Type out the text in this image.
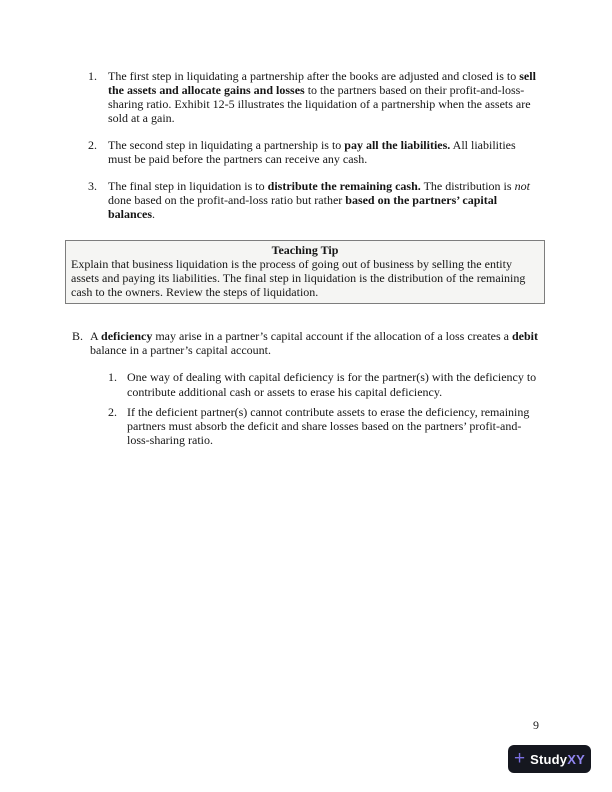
1. The first step in liquidating a partnership after the books are adjusted and closed is to sell the assets and allocate gains and losses to the partners based on their profit-and-loss-sharing ratio. Exhibit 12-5 illustrates the liquidation of a partnership when the assets are sold at a gain.
2. The second step in liquidating a partnership is to pay all the liabilities. All liabilities must be paid before the partners can receive any cash.
3. The final step in liquidation is to distribute the remaining cash. The distribution is not done based on the profit-and-loss ratio but rather based on the partners’ capital balances.
Teaching Tip
Explain that business liquidation is the process of going out of business by selling the entity assets and paying its liabilities. The final step in liquidation is the distribution of the remaining cash to the owners. Review the steps of liquidation.
B. A deficiency may arise in a partner’s capital account if the allocation of a loss creates a debit balance in a partner’s capital account.
1. One way of dealing with capital deficiency is for the partner(s) with the deficiency to contribute additional cash or assets to erase his capital deficiency.
2. If the deficient partner(s) cannot contribute assets to erase the deficiency, remaining partners must absorb the deficit and share losses based on the partners’ profit-and-loss-sharing ratio.
9
+ StudyXY
